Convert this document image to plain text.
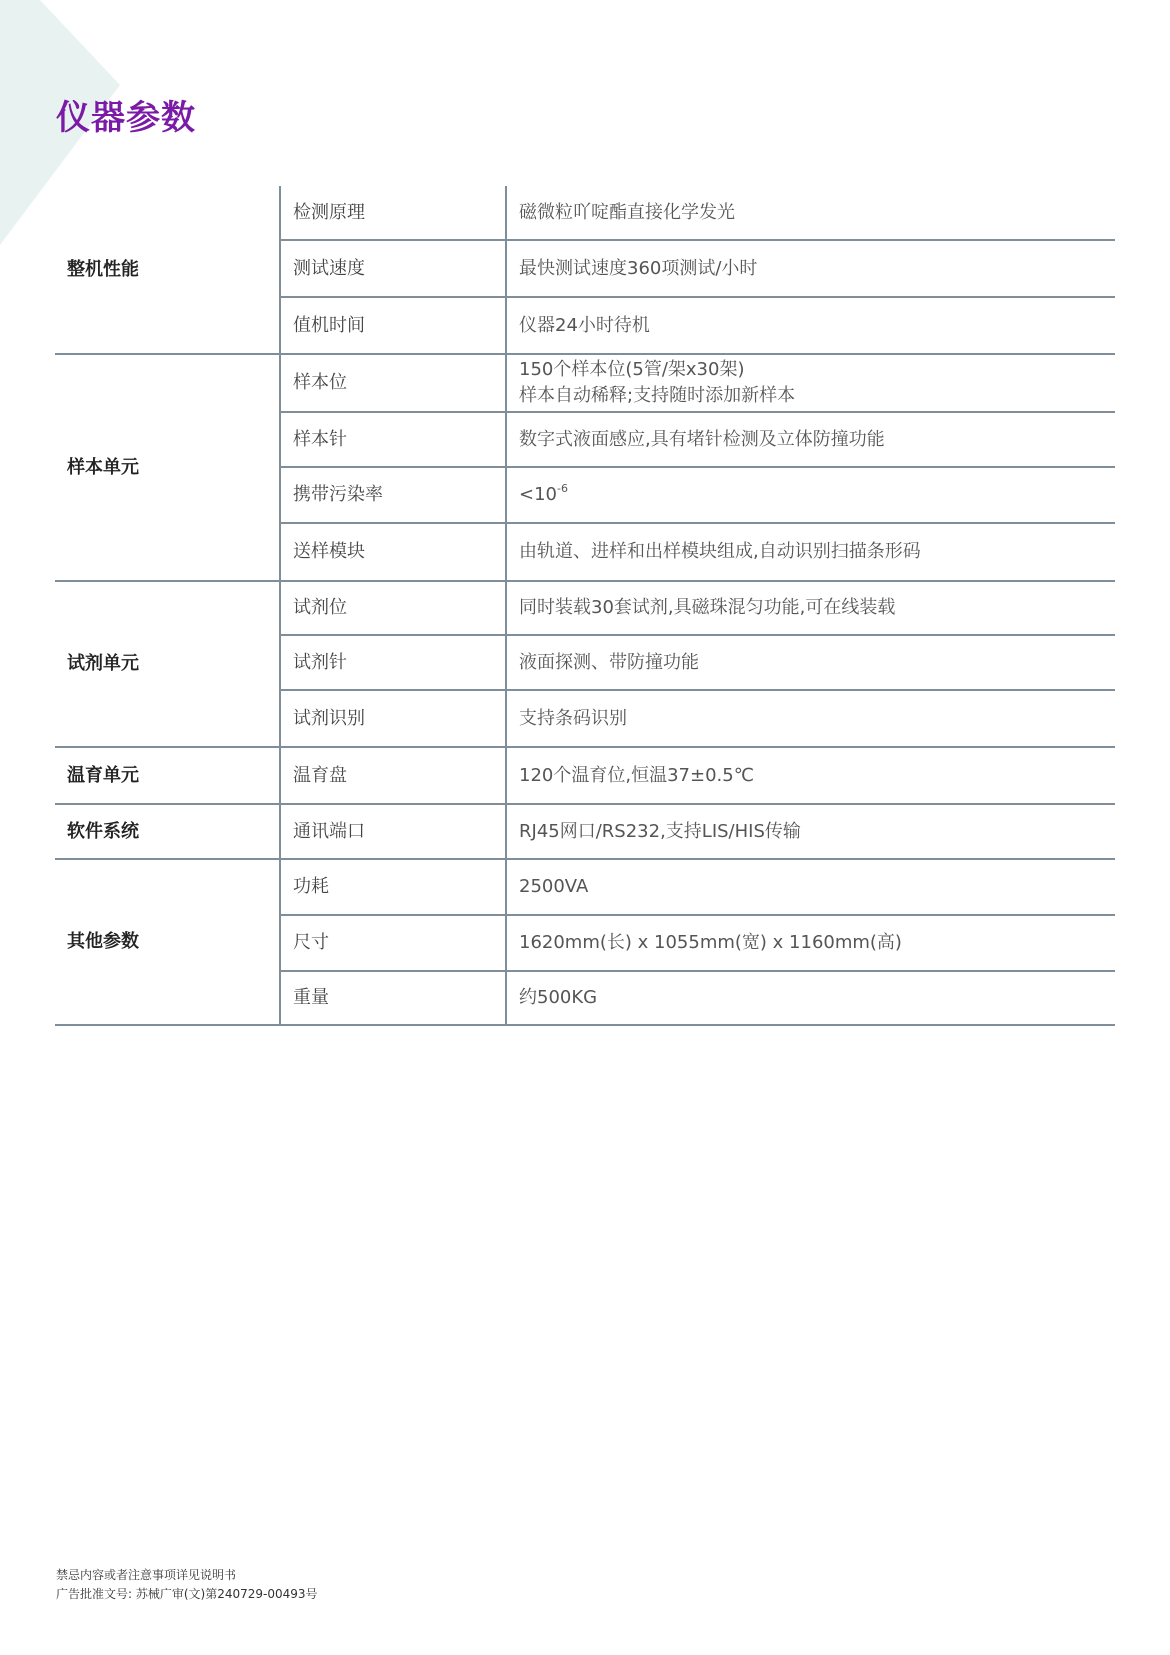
仪器参数
整机性能	检测原理	磁微粒吖啶酯直接化学发光
	测试速度	最快测试速度360项测试/小时
	值机时间	仪器24小时待机
样本单元	样本位	150个样本位(5管/架x30架)
样本自动稀释;支持随时添加新样本

	样本针	数字式液面感应,具有堵针检测及立体防撞功能
	携带污染率	$<10^{-6}$
	送样模块	由轨道、进样和出样模块组成,自动识别扫描条形码
试剂单元	试剂位	同时装载30套试剂,具磁珠混匀功能,可在线装载
	试剂针	液面探测、带防撞功能
	试剂识别	支持条码识别
温育单元	温育盘	120个温育位,恒温37±0.5℃
软件系统	通讯端口	RJ45网口/RS232,支持LIS/HIS传输
其他参数	功耗	2500VA
	尺寸	1620mm(长) x 1055mm(宽) x 1160mm(高)
	重量	约500KG
禁忌内容或者注意事项详见说明书
广告批准文号: 苏械广审(文)第240729-00493号
